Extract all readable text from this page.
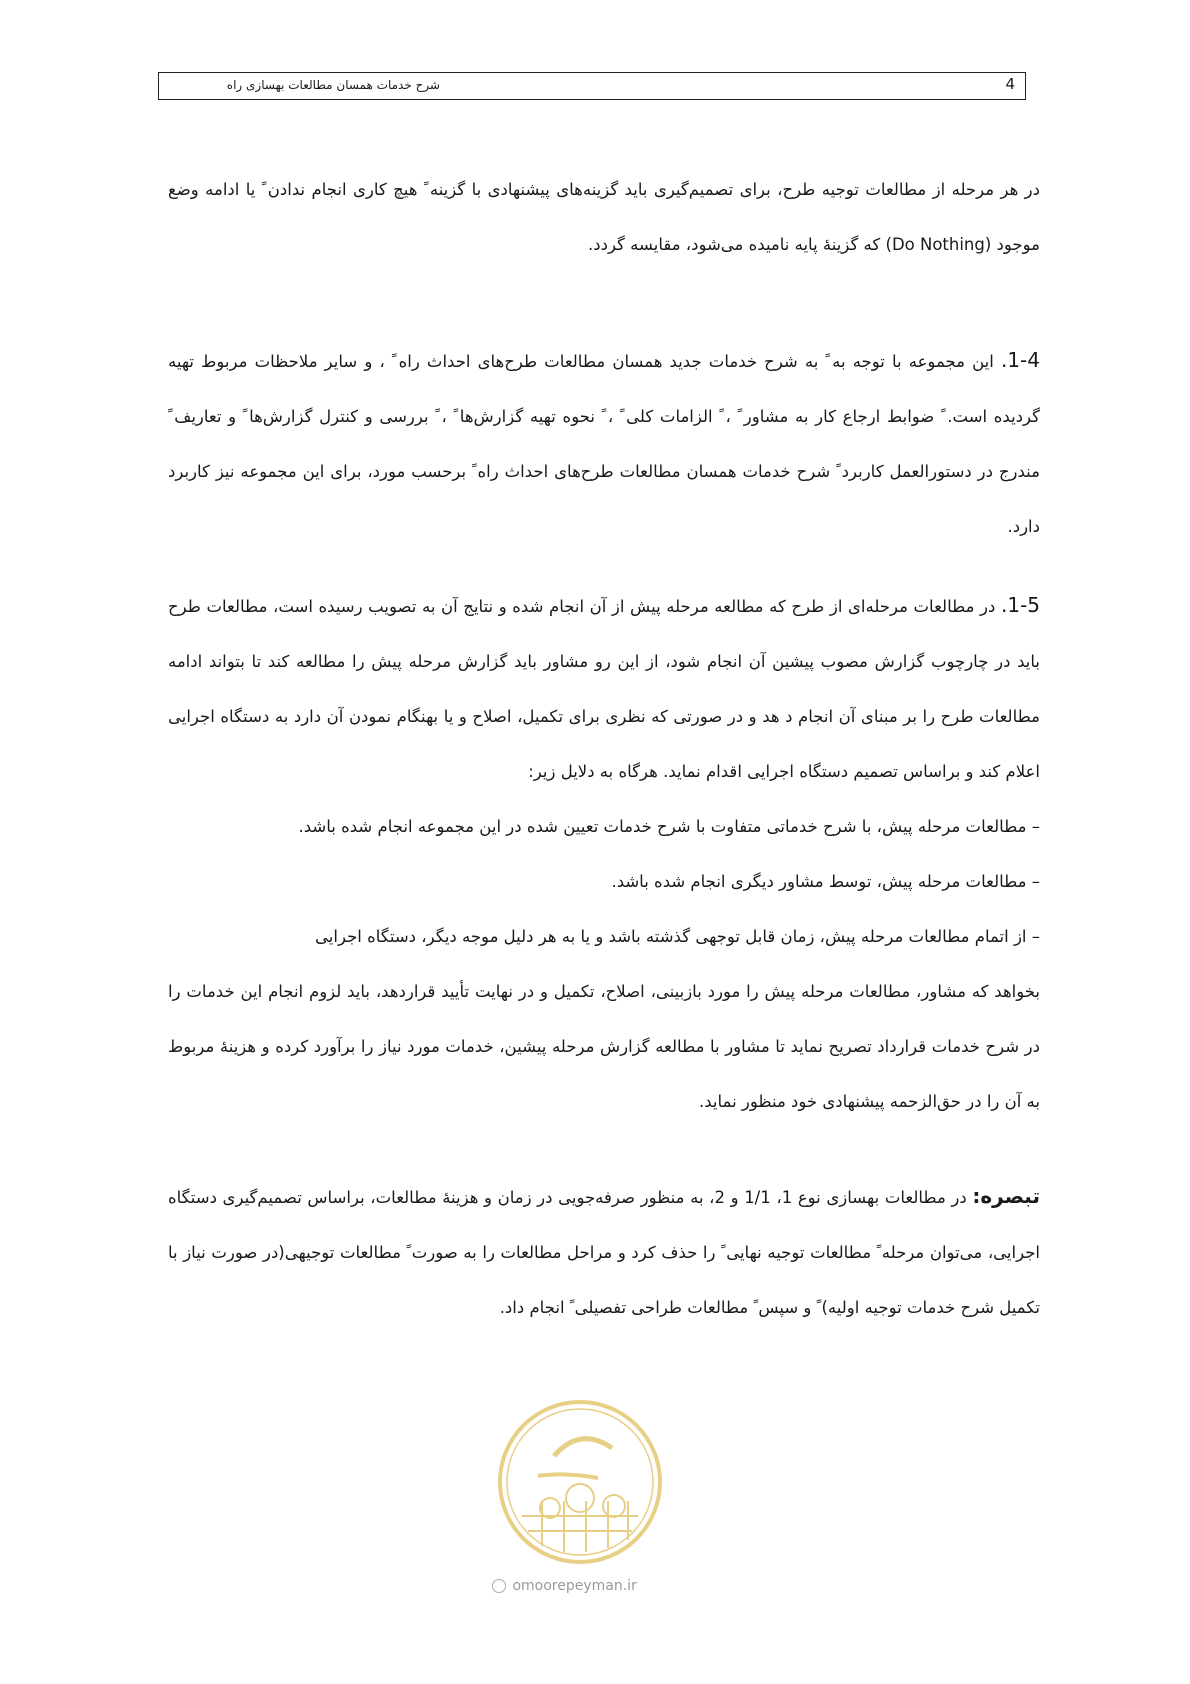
شرح خدمات همسان مطالعات بهسازی راه	4
در هر مرحله از مطالعات توجیه طرح، برای تصمیم‌گیری باید گزینه‌های پیشنهادی با گزینه ً هیچ کاری انجام ندادن ً یا ادامه وضع موجود (Do Nothing) که گزینهٔ پایه نامیده می‌شود، مقایسه گردد.
1-4. این مجموعه با توجه به ً به شرح خدمات جدید همسان مطالعات طرح‌های احداث راه ً ، و سایر ملاحظات مربوط تهیه گردیده است. ً ضوابط ارجاع کار به مشاور ً ، ً الزامات کلی ً ، ً نحوه تهیه گزارش‌ها ً ، ً بررسی و کنترل گزارش‌ها ً و تعاریف ً مندرج در دستورالعمل کاربرد ً شرح خدمات همسان مطالعات طرح‌های احداث راه ً برحسب مورد، برای این مجموعه نیز کاربرد دارد.
1-5. در مطالعات مرحله‌ای از طرح که مطالعه مرحله پیش از آن انجام شده و نتایج آن به تصویب رسیده است، مطالعات طرح باید در چارچوب گزارش مصوب پیشین آن انجام شود، از این رو مشاور باید گزارش مرحله پیش را مطالعه کند تا بتواند ادامه مطالعات طرح را بر مبنای آن انجام د هد و در صورتی که نظری برای تکمیل، اصلاح و یا بهنگام نمودن آن دارد به دستگاه اجرایی اعلام کند و براساس تصمیم دستگاه اجرایی اقدام نماید. هرگاه به دلایل زیر:
– مطالعات مرحله پیش، با شرح خدماتی متفاوت با شرح خدمات تعیین شده در این مجموعه انجام شده باشد.
– مطالعات مرحله پیش، توسط مشاور دیگری انجام شده باشد.
– از اتمام مطالعات مرحله پیش، زمان قابل توجهی گذشته باشد و یا به هر دلیل موجه دیگر، دستگاه اجرایی
بخواهد که مشاور، مطالعات مرحله پیش را مورد بازبینی، اصلاح، تکمیل و در نهایت تأیید قراردهد، باید لزوم انجام این خدمات را در شرح خدمات قرارداد تصریح نماید تا مشاور با مطالعه گزارش مرحله پیشین، خدمات مورد نیاز را برآورد کرده و هزینهٔ مربوط به آن را در حق‌الزحمه پیشنهادی خود منظور نماید.
تبصره: در مطالعات بهسازی نوع 1، 1/1 و 2، به منظور صرفه‌جویی در زمان و هزینهٔ مطالعات، براساس تصمیم‌گیری دستگاه اجرایی، می‌توان مرحله ً مطالعات توجیه نهایی ً را حذف کرد و مراحل مطالعات را به صورت ً مطالعات توجیهی(در صورت نیاز با تکمیل شرح خدمات توجیه اولیه) ً و سپس ً مطالعات طراحی تفصیلی ً انجام داد.
omoorepeyman.ir
